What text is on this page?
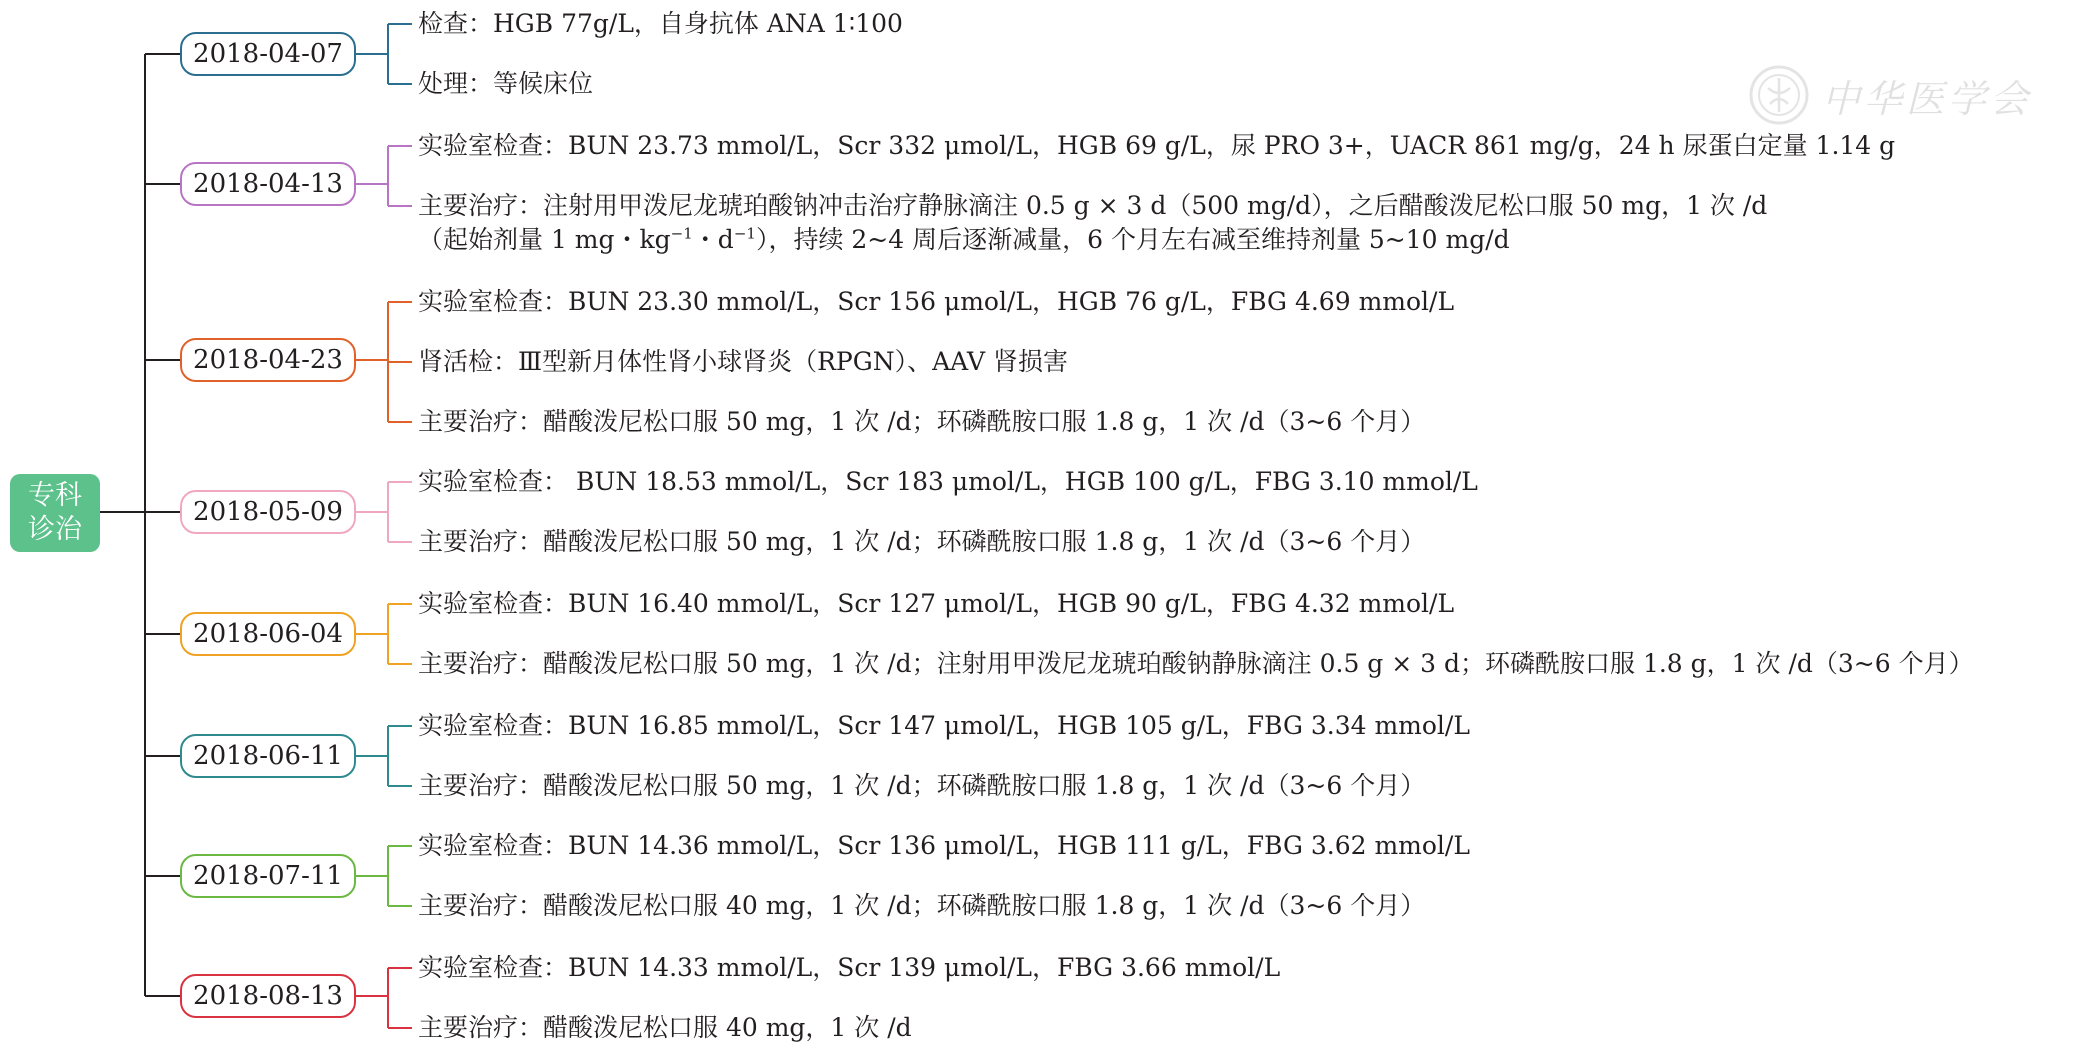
专科
诊治
2018-04-07
2018-04-13
2018-04-23
2018-05-09
2018-06-04
2018-06-11
2018-07-11
2018-08-13
检查：HGB 77g/L，自身抗体 ANA 1∶100
处理：等候床位
实验室检查：BUN 23.73 mmol/L，Scr 332 μmol/L，HGB 69 g/L，尿 PRO 3+，UACR 861 mg/g，24 h 尿蛋白定量 1.14 g
主要治疗：注射用甲泼尼龙琥珀酸钠冲击治疗静脉滴注 0.5 g × 3 d（500 mg/d），之后醋酸泼尼松口服 50 mg，1 次 /d
（起始剂量 1 mg・$kg^{-1}$・$d^{-1}$），持续 2~4 周后逐渐减量，6 个月左右减至维持剂量 5~10 mg/d
实验室检查：BUN 23.30 mmol/L，Scr 156 μmol/L，HGB 76 g/L，FBG 4.69 mmol/L
肾活检：Ⅲ型新月体性肾小球肾炎（RPGN）、AAV 肾损害
主要治疗：醋酸泼尼松口服 50 mg，1 次 /d；环磷酰胺口服 1.8 g，1 次 /d（3~6 个月）
实验室检查： BUN 18.53 mmol/L，Scr 183 μmol/L，HGB 100 g/L，FBG 3.10 mmol/L
主要治疗：醋酸泼尼松口服 50 mg，1 次 /d；环磷酰胺口服 1.8 g，1 次 /d（3~6 个月）
实验室检查：BUN 16.40 mmol/L，Scr 127 μmol/L，HGB 90 g/L，FBG 4.32 mmol/L
主要治疗：醋酸泼尼松口服 50 mg，1 次 /d；注射用甲泼尼龙琥珀酸钠静脉滴注 0.5 g × 3 d；环磷酰胺口服 1.8 g，1 次 /d（3~6 个月）
实验室检查：BUN 16.85 mmol/L，Scr 147 μmol/L，HGB 105 g/L，FBG 3.34 mmol/L
主要治疗：醋酸泼尼松口服 50 mg，1 次 /d；环磷酰胺口服 1.8 g，1 次 /d（3~6 个月）
实验室检查：BUN 14.36 mmol/L，Scr 136 μmol/L，HGB 111 g/L，FBG 3.62 mmol/L
主要治疗：醋酸泼尼松口服 40 mg，1 次 /d；环磷酰胺口服 1.8 g，1 次 /d（3~6 个月）
实验室检查：BUN 14.33 mmol/L，Scr 139 μmol/L，FBG 3.66 mmol/L
主要治疗：醋酸泼尼松口服 40 mg，1 次 /d
中华医学会
